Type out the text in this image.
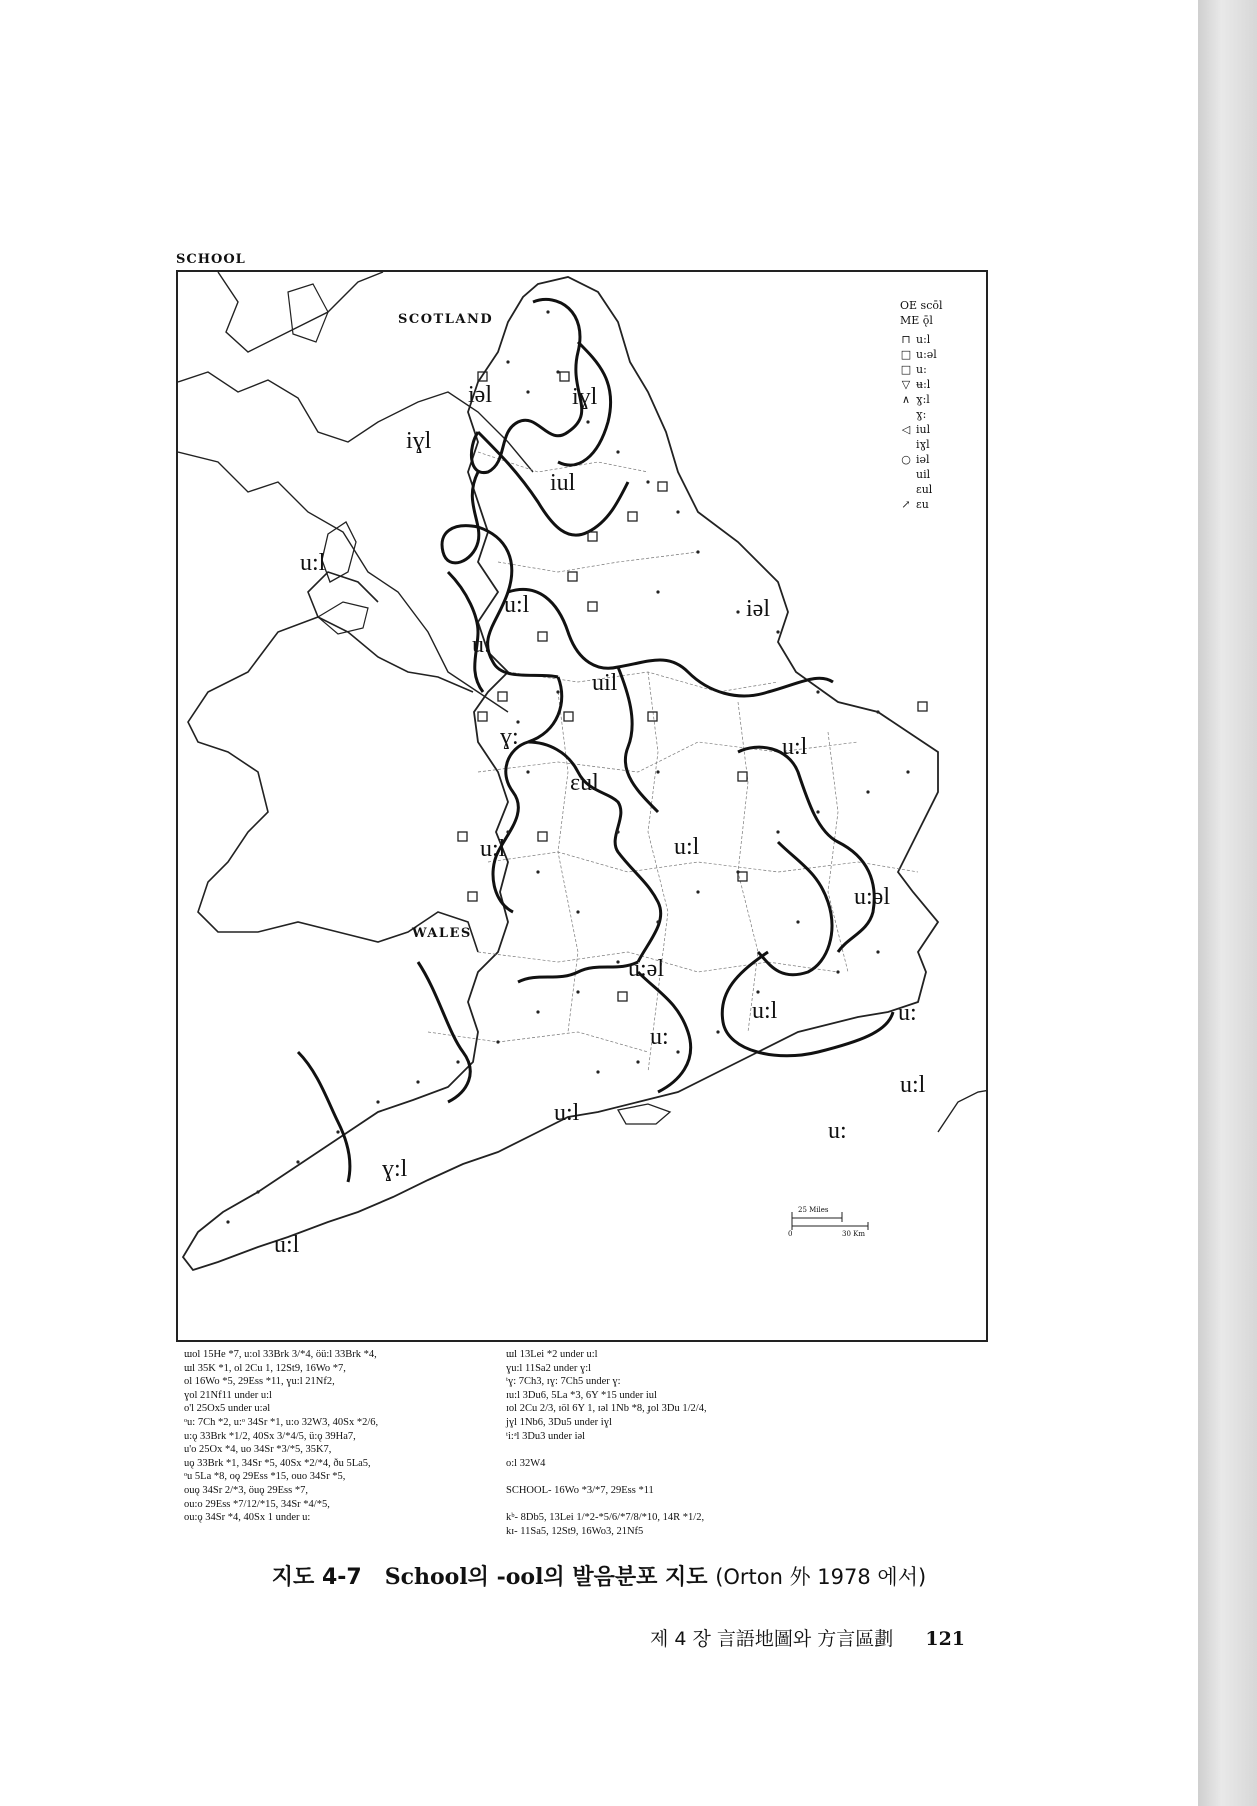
SCHOOL
SCOTLAND
WALES
iəl	iɣl
iɣl
iul
u:l
u:l	iəl
u:
uil
ɣ:	u:l
ɛul
u:l	u:l
u:əl
u:əl
u:
u:l	u:
u:l
u:l
u:
ɣ:l
u:l
25 Miles
30 Km
0
OE scōl
ME ǭl
⊓ u:l
□ u:əl
□ u:
▽ ʉ:l
∧ ɣ:l
ɣ:
◁ iul
iɣl
○ iəl
uil
ɛul
↗ ɛu
ɯol 15He *7, u:ol 33Brk 3/*4, öü:l 33Brk *4,
ɯl 35K *1, ol 2Cu 1, 12St9, 16Wo *7,
ol 16Wo *5, 29Ess *11, ɣu:l 21Nf2,
ɣol 21Nf11 under u:l
o'l 25Ox5 under u:əl
ᵒu: 7Ch *2, u:ᵒ 34Sr *1, u:o 32W3, 40Sx *2/6,
u:ǫ 33Brk *1/2, 40Sx 3/*4/5, ü:ǫ 39Ha7,
u'o 25Ox *4, uo 34Sr *3/*5, 35K7,
uǫ 33Brk *1, 34Sr *5, 40Sx *2/*4, ðu 5La5,
ᵒu 5La *8, oǫ 29Ess *15, ouo 34Sr *5,
ouǫ 34Sr 2/*3, öuǫ 29Ess *7,
ou:o 29Ess *7/12/*15, 34Sr *4/*5,
ou:ǫ 34Sr *4, 40Sx 1 under u:
ɯl 13Lei *2 under u:l
ɣu:l 11Sa2 under ɣ:l
ᵗɣ: 7Ch3, ɪɣ: 7Ch5 under ɣ:
ɪu:l 3Du6, 5La *3, 6Y *15 under iul
ɪol 2Cu 2/3, ɪöl 6Y 1, ɪəl 1Nb *8, ɟol 3Du 1/2/4,
jɣl 1Nb6, 3Du5 under iɣl
ᵗi:ᵊl 3Du3 under iəl

o:l 32W4

SCHOOL- 16Wo *3/*7, 29Ess *11

kᵇ- 8Db5, 13Lei 1/*2-*5/6/*7/8/*10, 14R *1/2,
kɪ- 11Sa5, 12St9, 16Wo3, 21Nf5
지도 4-7 School의 -ool의 발음분포 지도 (Orton 外 1978 에서)
제 4 장 言語地圖와 方言區劃 121
